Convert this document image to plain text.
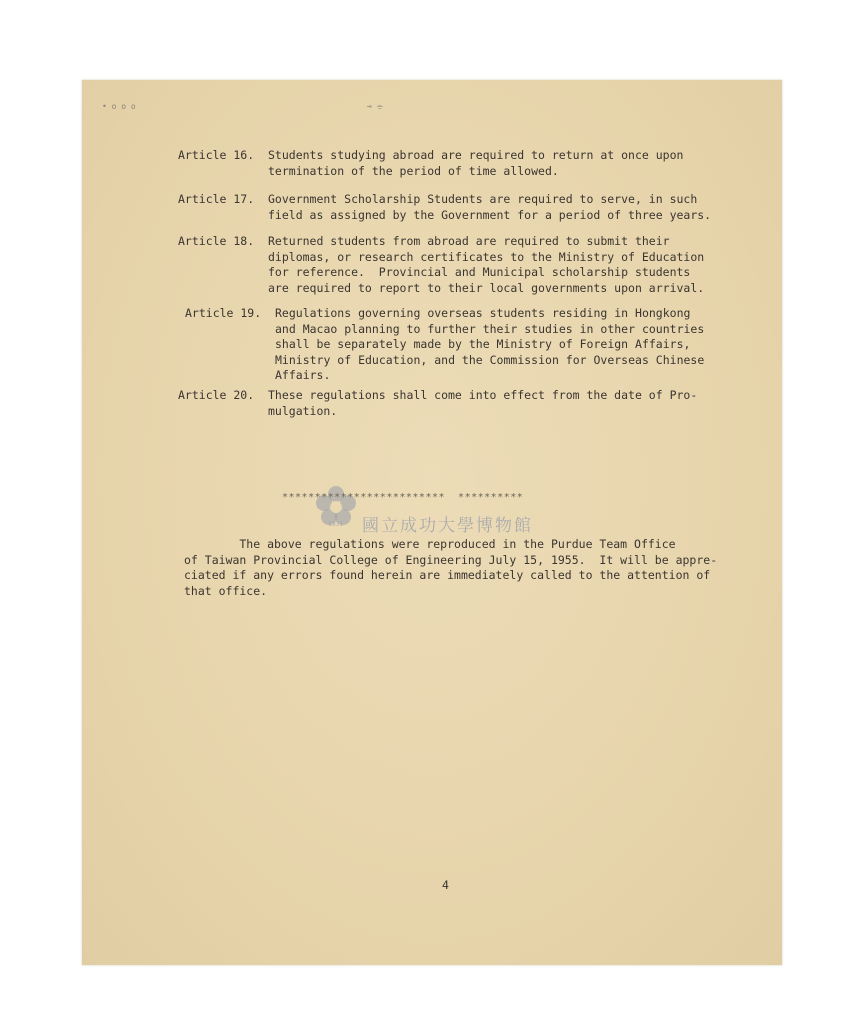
• o o o	⊸ ⌯
Article 16. Students studying abroad are required to return at once upon
termination of the period of time allowed.
Article 17. Government Scholarship Students are required to serve, in such
field as assigned by the Government for a period of three years.
Article 18. Returned students from abroad are required to submit their
diplomas, or research certificates to the Ministry of Education
for reference.  Provincial and Municipal scholarship students
are required to report to their local governments upon arrival.
Article 19. Regulations governing overseas students residing in Hongkong
and Macao planning to further their studies in other countries
shall be separately made by the Ministry of Foreign Affairs,
Ministry of Education, and the Commission for Overseas Chinese
Affairs.
Article 20. These regulations shall come into effect from the date of Pro-
mulgation.
1931 國立成功大學博物館
*************************  **********
The above regulations were reproduced in the Purdue Team Office
of Taiwan Provincial College of Engineering July 15, 1955.  It will be appre-
ciated if any errors found herein are immediately called to the attention of
that office.
4
